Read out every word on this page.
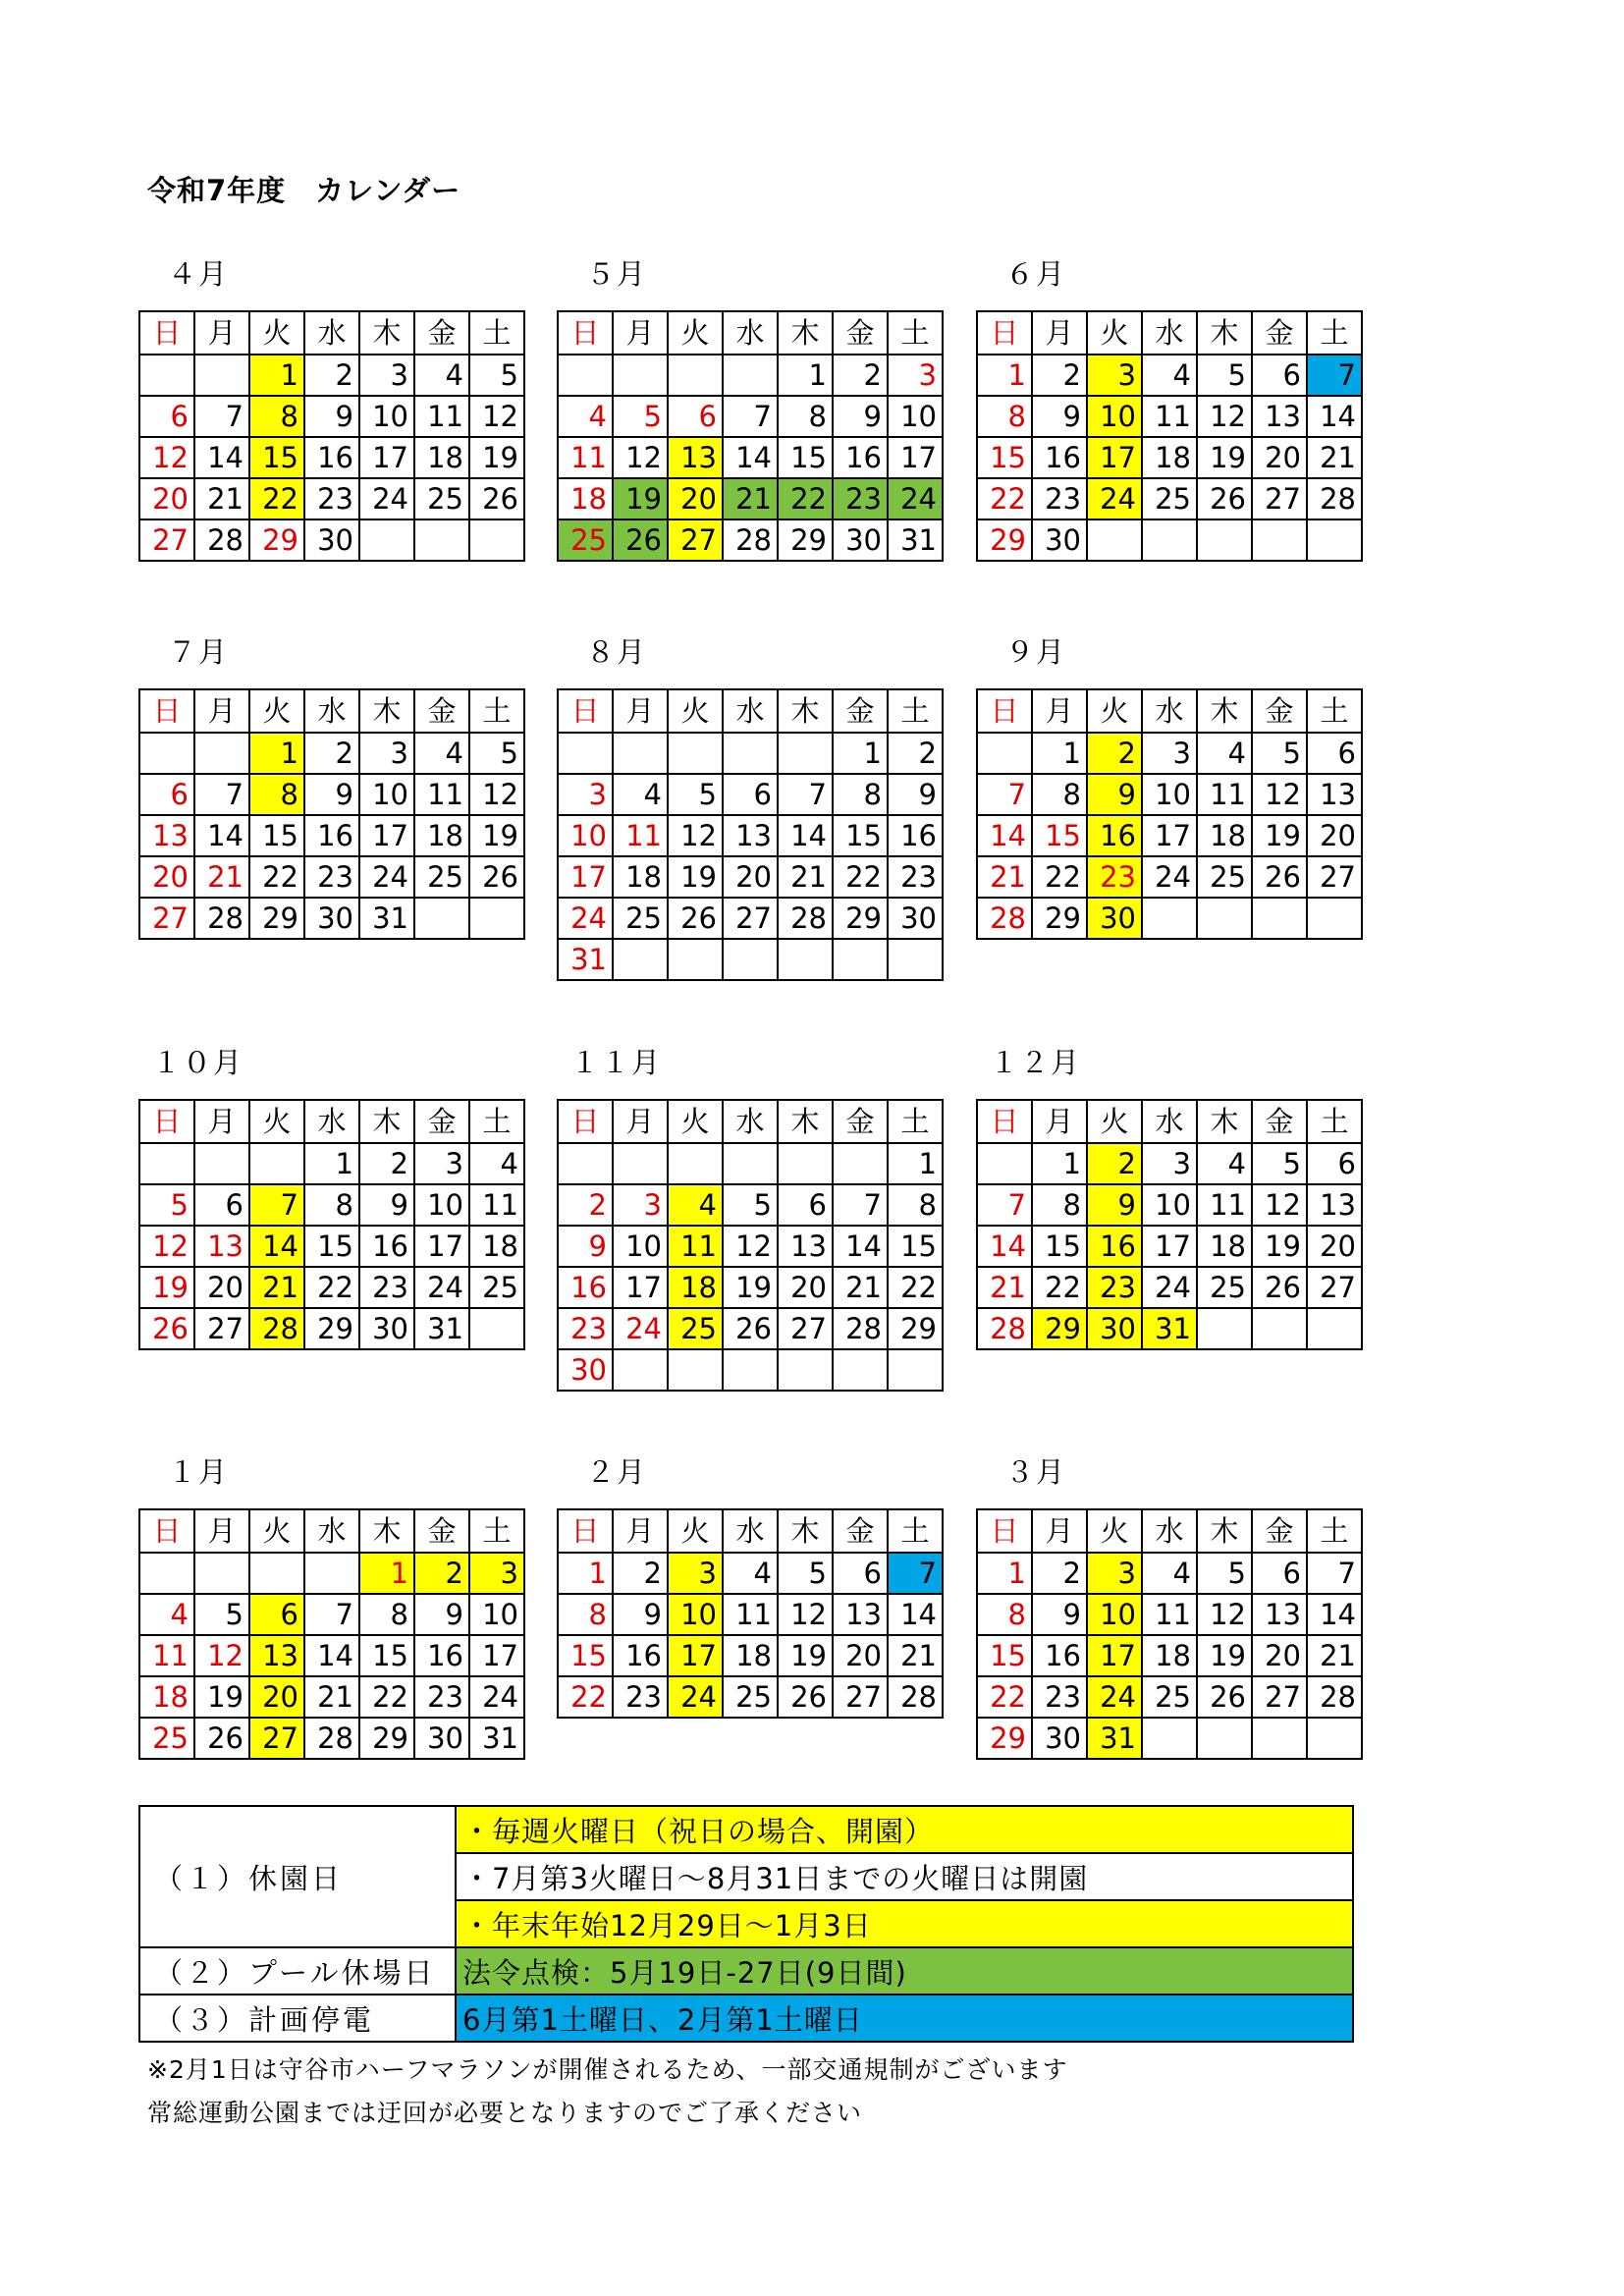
令和7年度　カレンダー
４月
日	月	火	水	木	金	土
		1	2	3	4	5
6	7	8	9	10	11	12
12	14	15	16	17	18	19
20	21	22	23	24	25	26
27	28	29	30			
５月
日	月	火	水	木	金	土
				1	2	3
4	5	6	7	8	9	10
11	12	13	14	15	16	17
18	19	20	21	22	23	24
25	26	27	28	29	30	31
６月
日	月	火	水	木	金	土
1	2	3	4	5	6	7
8	9	10	11	12	13	14
15	16	17	18	19	20	21
22	23	24	25	26	27	28
29	30					
７月
日	月	火	水	木	金	土
		1	2	3	4	5
6	7	8	9	10	11	12
13	14	15	16	17	18	19
20	21	22	23	24	25	26
27	28	29	30	31		
８月
日	月	火	水	木	金	土
					1	2
3	4	5	6	7	8	9
10	11	12	13	14	15	16
17	18	19	20	21	22	23
24	25	26	27	28	29	30
31						
９月
日	月	火	水	木	金	土
	1	2	3	4	5	6
7	8	9	10	11	12	13
14	15	16	17	18	19	20
21	22	23	24	25	26	27
28	29	30				
１０月
日	月	火	水	木	金	土
			1	2	3	4
5	6	7	8	9	10	11
12	13	14	15	16	17	18
19	20	21	22	23	24	25
26	27	28	29	30	31	
１１月
日	月	火	水	木	金	土
						1
2	3	4	5	6	7	8
9	10	11	12	13	14	15
16	17	18	19	20	21	22
23	24	25	26	27	28	29
30						
１２月
日	月	火	水	木	金	土
	1	2	3	4	5	6
7	8	9	10	11	12	13
14	15	16	17	18	19	20
21	22	23	24	25	26	27
28	29	30	31			
１月
日	月	火	水	木	金	土
				1	2	3
4	5	6	7	8	9	10
11	12	13	14	15	16	17
18	19	20	21	22	23	24
25	26	27	28	29	30	31
２月
日	月	火	水	木	金	土
1	2	3	4	5	6	7
8	9	10	11	12	13	14
15	16	17	18	19	20	21
22	23	24	25	26	27	28
３月
日	月	火	水	木	金	土
1	2	3	4	5	6	7
8	9	10	11	12	13	14
15	16	17	18	19	20	21
22	23	24	25	26	27	28
29	30	31				
（１）休園日	・毎週火曜日（祝日の場合、開園）
	・7月第3火曜日～8月31日までの火曜日は開園
	・年末年始12月29日～1月3日
（２）プール休場日	法令点検：5月19日-27日(9日間)
（３）計画停電	6月第1土曜日、2月第1土曜日
※2月1日は守谷市ハーフマラソンが開催されるため、一部交通規制がございます
常総運動公園までは迂回が必要となりますのでご了承ください
